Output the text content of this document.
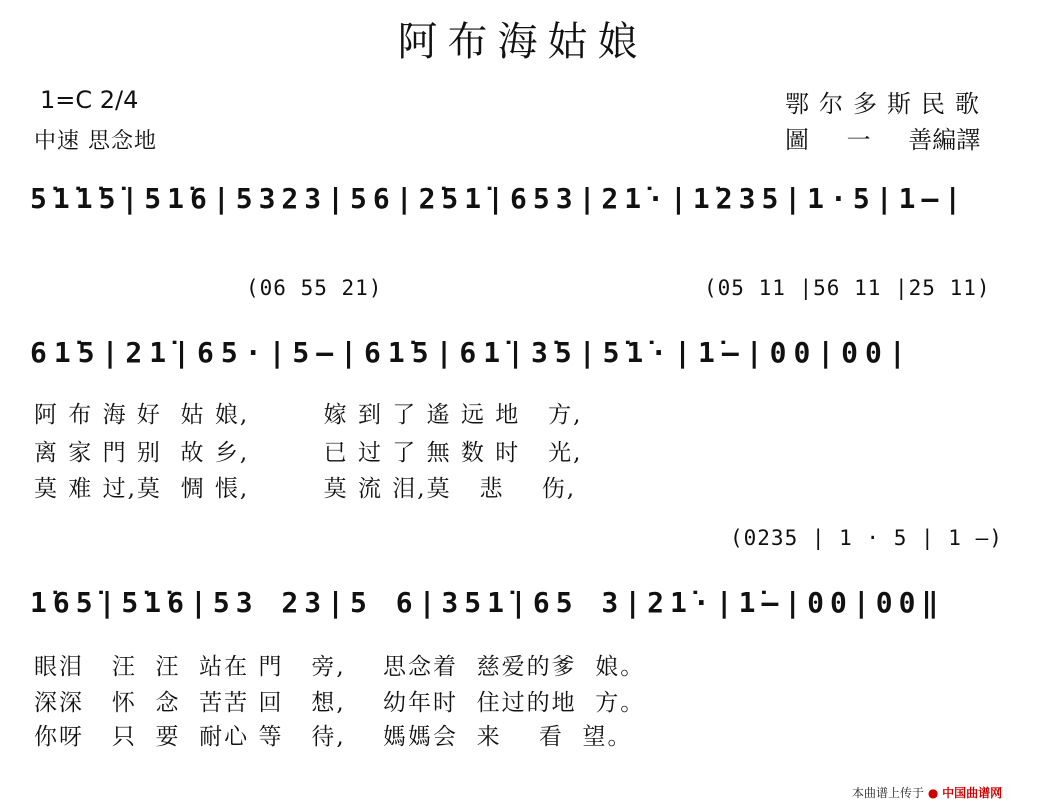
阿布海姑娘
1=C 2/4
中速 思念地
鄂尔多斯民歌
圖 一 善編譯
5̇1̇1̇5̇|51̇6|5323|56|2̇51̇|653|21̇·|1̇235|1·5|1—|
(06 55 21)	(05 11 |56 11 |25 11)
61̇5|21̇|65·|5—|61̇5|61̇|3̇5|5̇1̇·|1̇—|00|00|
阿 布 海 好  姑 娘,        嫁 到 了 遙 远 地   方,
离 家 門 别  故 乡,        已 过 了 無 数 时   光,
莫 难 过,莫  惆 悵,        莫 流 泪,莫   悲    伤,
(0235 | 1 · 5 | 1 —)
1̇65̇|5̇1̇6|53 23|5 6|351̇|65 3|21̇·|1̇—|00|00‖
眼泪   汪  汪  站在 門   旁,    思念着  慈爱的爹  娘。
深深   怀  念  苦苦 回   想,    幼年时  住过的地  方。
你呀   只  要  耐心 等   待,    媽媽会  来    看  望。
本曲谱上传于 ● 中国曲谱网
